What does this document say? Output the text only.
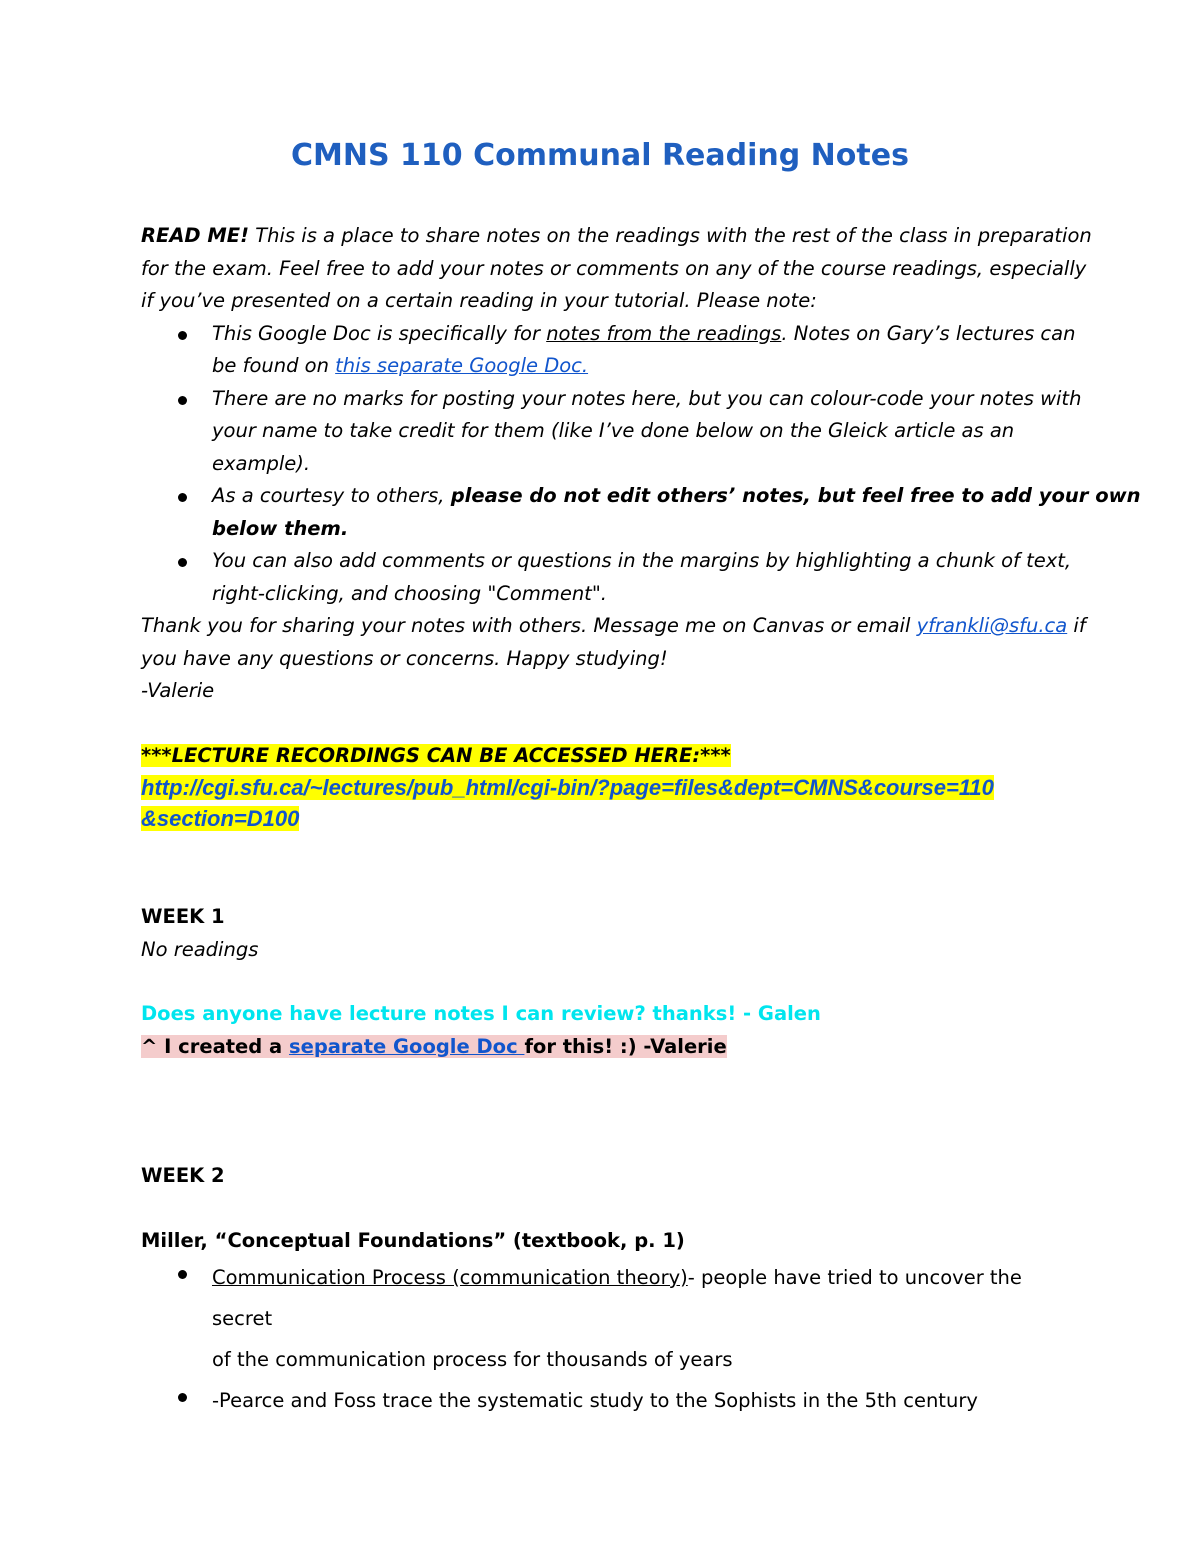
CMNS 110 Communal Reading Notes
READ ME! This is a place to share notes on the readings with the rest of the class in preparation
for the exam. Feel free to add your notes or comments on any of the course readings, especially
if you’ve presented on a certain reading in your tutorial. Please note:
This Google Doc is specifically for notes from the readings. Notes on Gary’s lectures can
be found on this separate Google Doc.
There are no marks for posting your notes here, but you can colour-code your notes with
your name to take credit for them (like I’ve done below on the Gleick article as an
example).
As a courtesy to others, please do not edit others’ notes, but feel free to add your own
below them.
You can also add comments or questions in the margins by highlighting a chunk of text,
right-clicking, and choosing "Comment".
Thank you for sharing your notes with others. Message me on Canvas or email yfrankli@sfu.ca if
you have any questions or concerns. Happy studying!
-Valerie
***LECTURE RECORDINGS CAN BE ACCESSED HERE:***
http://cgi.sfu.ca/~lectures/pub_html/cgi-bin/?page=files&dept=CMNS&course=110
&section=D100
WEEK 1
No readings
Does anyone have lecture notes I can review? thanks! - Galen
^ I created a separate Google Doc for this! :) -Valerie
WEEK 2
Miller, “Conceptual Foundations” (textbook, p. 1)
Communication Process (communication theory)- people have tried to uncover the secret
of the communication process for thousands of years
-Pearce and Foss trace the systematic study to the Sophists in the 5th century
